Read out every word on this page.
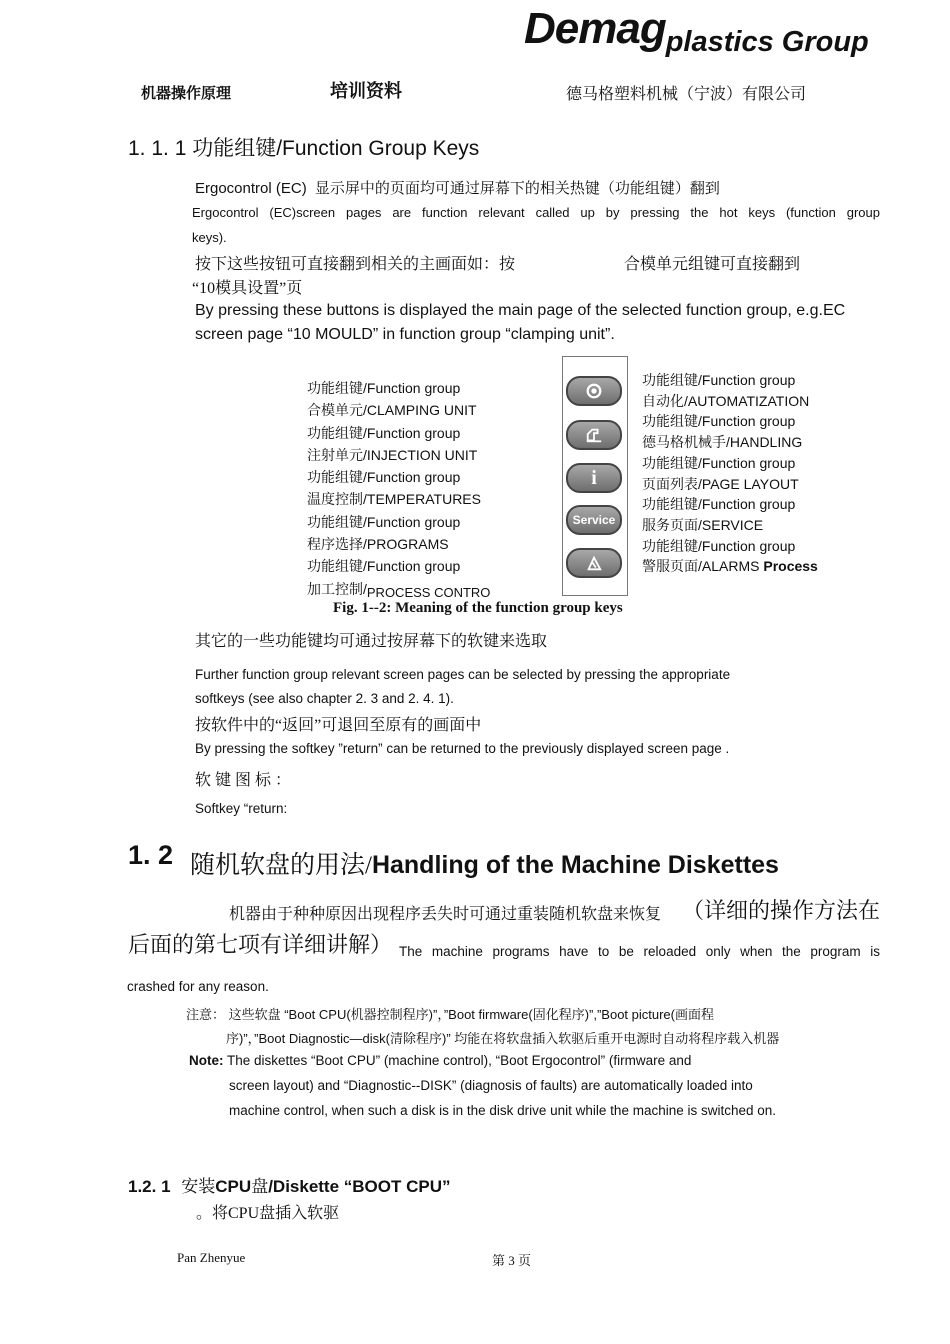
Demagplastics Group
机器操作原理	培训资料	德马格塑料机械（宁波）有限公司
1. 1. 1 功能组键/Function Group Keys
Ergocontrol (EC) 显示屏中的页面均可通过屏幕下的相关热键（功能组键）翻到
Ergocontrol (EC)screen pages are function relevant called up by pressing the hot keys (function group
keys).
按下这些按钮可直接翻到相关的主画面如：按	合模单元组键可直接翻到
“10模具设置”页
By pressing these buttons is displayed the main page of the selected function group, e.g.EC
screen page “10 MOULD” in function group “clamping unit”.
功能组键/Function group
合模单元/CLAMPING UNIT
功能组键/Function group
注射单元/INJECTION UNIT
功能组键/Function group
温度控制/TEMPERATURES
功能组键/Function group
程序选择/PROGRAMS
功能组键/Function group
加工控制/PROCESS CONTRO
i
Service
功能组键/Function group
自动化/AUTOMATIZATION
功能组键/Function group
德马格机械手/HANDLING
功能组键/Function group
页面列表/PAGE LAYOUT
功能组键/Function group
服务页面/SERVICE
功能组键/Function group
警服页面/ALARMS Process
Fig. 1--2: Meaning of the function group keys
其它的一些功能键均可通过按屏幕下的软键来选取
Further function group relevant screen pages can be selected by pressing the appropriate
softkeys (see also chapter 2. 3 and 2. 4. 1).
按软件中的“返回”可退回至原有的画面中
By pressing the softkey ”return” can be returned to the previously displayed screen page .
软 键 图 标 ：
Softkey “return:
1. 2 随机软盘的用法/Handling of the Machine Diskettes
机器由于种种原因出现程序丢失时可通过重装随机软盘来恢复 （详细的操作方法在
后面的第七项有详细讲解） The machine programs have to be reloaded only when the program is
crashed for any reason.
注意： 这些软盘 “Boot CPU(机器控制程序)”，”Boot firmware(固化程序)”,”Boot picture(画面程
序)”，”Boot Diagnostic—disk(清除程序)” 均能在将软盘插入软驱后重开电源时自动将程序载入机器
Note: The diskettes “Boot CPU” (machine control), “Boot Ergocontrol” (firmware and
screen layout) and “Diagnostic--DISK” (diagnosis of faults) are automatically loaded into
machine control, when such a disk is in the disk drive unit while the machine is switched on.
1.2. 1 安装CPU盘/Diskette “BOOT CPU”
。将CPU盘插入软驱
Pan Zhenyue	第 3 页
